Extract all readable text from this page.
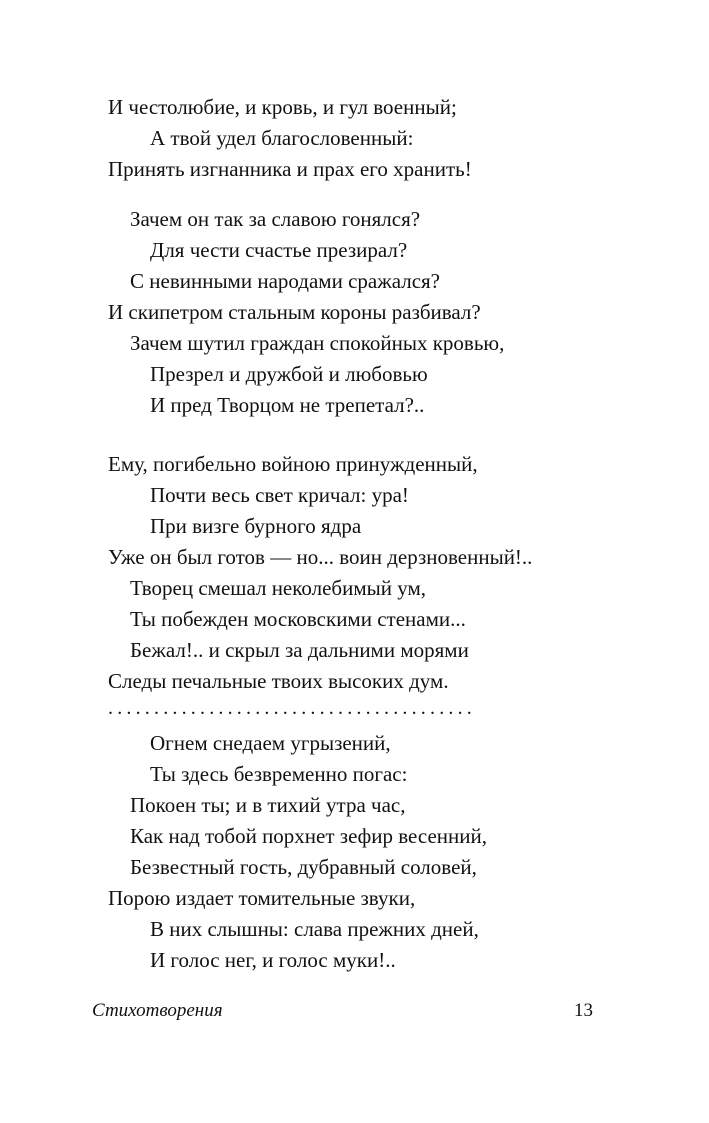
И честолюбие, и кровь, и гул военный;
А твой удел благословенный:
Принять изгнанника и прах его хранить!
Зачем он так за славою гонялся?
Для чести счастье презирал?
С невинными народами сражался?
И скипетром стальным короны разбивал?
Зачем шутил граждан спокойных кровью,
Презрел и дружбой и любовью
И пред Творцом не трепетал?..
Ему, погибельно войною принужденный,
Почти весь свет кричал: ура!
При визге бурного ядра
Уже он был готов — но... воин дерзновенный!..
Творец смешал неколебимый ум,
Ты побежден московскими стенами...
Бежал!.. и скрыл за дальними морями
Следы печальные твоих высоких дум.
........................................
Огнем снедаем угрызений,
Ты здесь безвременно погас:
Покоен ты; и в тихий утра час,
Как над тобой порхнет зефир весенний,
Безвестный гость, дубравный соловей,
Порою издает томительные звуки,
В них слышны: слава прежних дней,
И голос нег, и голос муки!..
Стихотворения	13
